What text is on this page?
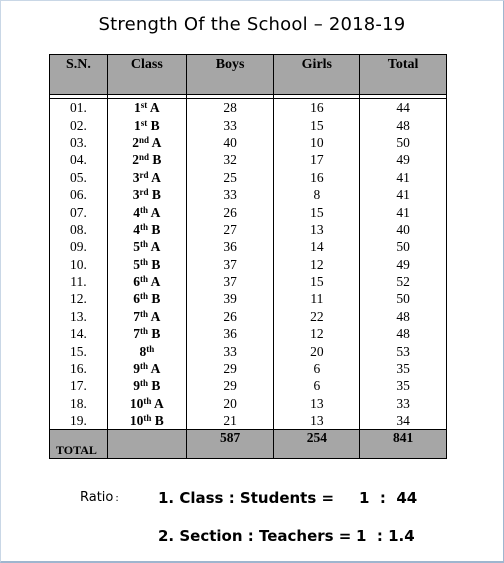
Strength Of the School – 2018-19
S.N.	Class	Boys	Girls	Total

01.	1st A	28	16	44
02.	1st B	33	15	48
03.	2nd A	40	10	50
04.	2nd B	32	17	49
05.	3rd A	25	16	41
06.	3rd B	33	8	41
07.	4th A	26	15	41
08.	4th B	27	13	40
09.	5th A	36	14	50
10.	5th B	37	12	49
11.	6th A	37	15	52
12.	6th B	39	11	50
13.	7th A	26	22	48
14.	7th B	36	12	48
15.	8th	33	20	53
16.	9th A	29	6	35
17.	9th B	29	6	35
18.	10th A	20	13	33
19.	10th B	21	13	34
TOTAL		587	254	841
Ratio :	1. Class : Students = 1  :  44
2. Section : Teachers = 1  : 1.4
